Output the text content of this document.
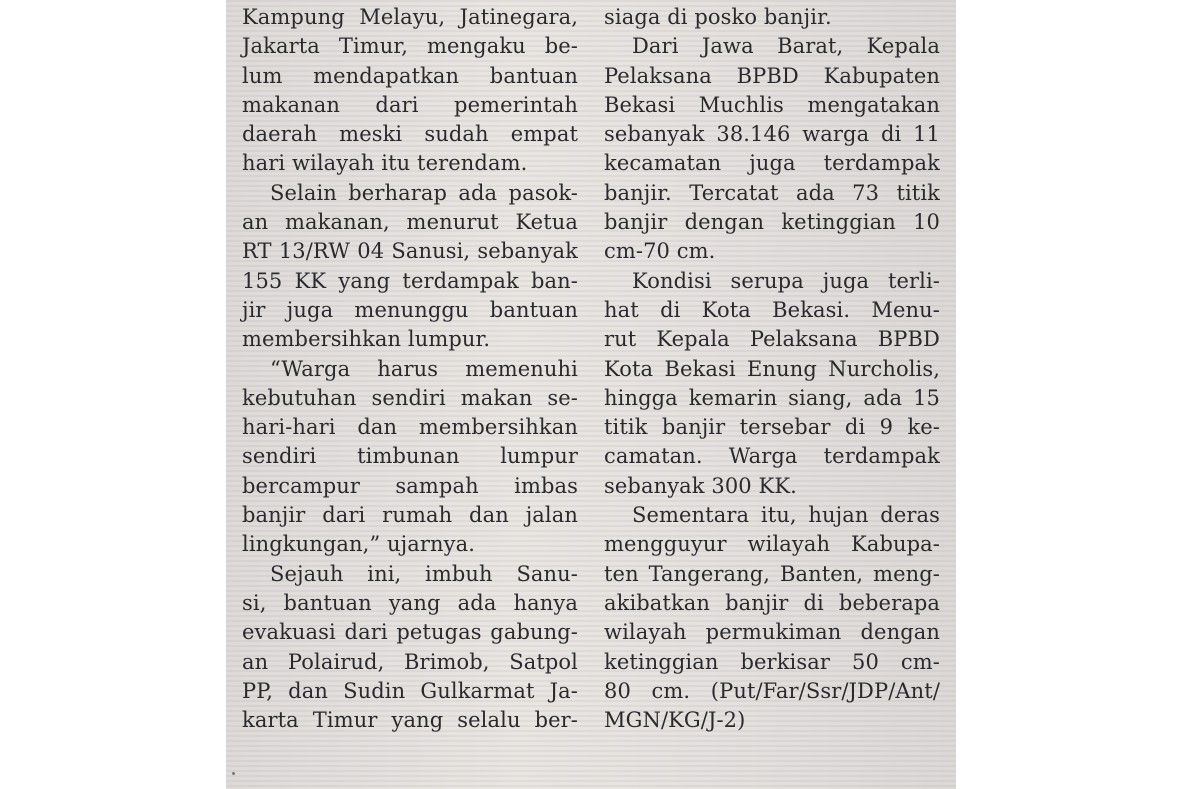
Kampung Melayu, Jatinegara,
Jakarta Timur, mengaku be-
lum mendapatkan bantuan
makanan dari pemerintah
daerah meski sudah empat
hari wilayah itu terendam.
Selain berharap ada pasok-
an makanan, menurut Ketua
RT 13/RW 04 Sanusi, sebanyak
155 KK yang terdampak ban-
jir juga menunggu bantuan
membersihkan lumpur.
“Warga harus memenuhi
kebutuhan sendiri makan se-
hari-hari dan membersihkan
sendiri timbunan lumpur
bercampur sampah imbas
banjir dari rumah dan jalan
lingkungan,” ujarnya.
Sejauh ini, imbuh Sanu-
si, bantuan yang ada hanya
evakuasi dari petugas gabung-
an Polairud, Brimob, Satpol
PP, dan Sudin Gulkarmat Ja-
karta Timur yang selalu ber-
siaga di posko banjir.
Dari Jawa Barat, Kepala
Pelaksana BPBD Kabupaten
Bekasi Muchlis mengatakan
sebanyak 38.146 warga di 11
kecamatan juga terdampak
banjir. Tercatat ada 73 titik
banjir dengan ketinggian 10
cm-70 cm.
Kondisi serupa juga terli-
hat di Kota Bekasi. Menu-
rut Kepala Pelaksana BPBD
Kota Bekasi Enung Nurcholis,
hingga kemarin siang, ada 15
titik banjir tersebar di 9 ke-
camatan. Warga terdampak
sebanyak 300 KK.
Sementara itu, hujan deras
mengguyur wilayah Kabupa-
ten Tangerang, Banten, meng-
akibatkan banjir di beberapa
wilayah permukiman dengan
ketinggian berkisar 50 cm-
80 cm. (Put/Far/Ssr/JDP/Ant/
MGN/KG/J-2)
